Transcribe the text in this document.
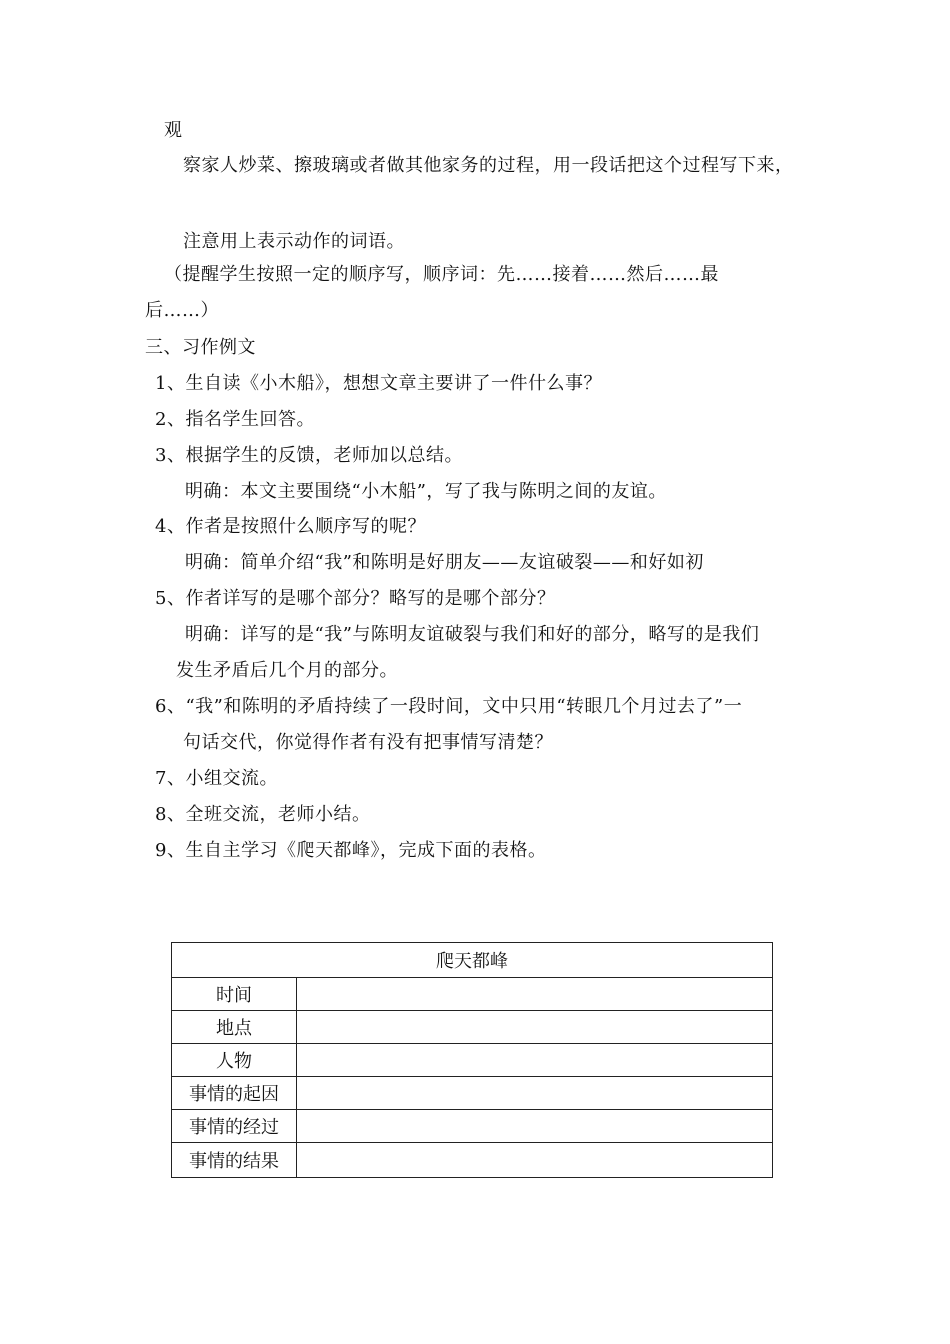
观
察家人炒菜、擦玻璃或者做其他家务的过程，用一段话把这个过程写下来，
注意用上表示动作的词语。
（提醒学生按照一定的顺序写，顺序词：先……接着……然后……最
后……）
三、习作例文
1、生自读《小木船》，想想文章主要讲了一件什么事？
2、指名学生回答。
3、根据学生的反馈，老师加以总结。
明确：本文主要围绕“小木船”，写了我与陈明之间的友谊。
4、作者是按照什么顺序写的呢？
明确：简单介绍“我”和陈明是好朋友——友谊破裂——和好如初
5、作者详写的是哪个部分？略写的是哪个部分？
明确：详写的是“我”与陈明友谊破裂与我们和好的部分，略写的是我们
发生矛盾后几个月的部分。
6、“我”和陈明的矛盾持续了一段时间，文中只用“转眼几个月过去了”一
句话交代，你觉得作者有没有把事情写清楚？
7、小组交流。
8、全班交流，老师小结。
9、生自主学习《爬天都峰》，完成下面的表格。
爬天都峰
时间
地点
人物
事情的起因
事情的经过
事情的结果
